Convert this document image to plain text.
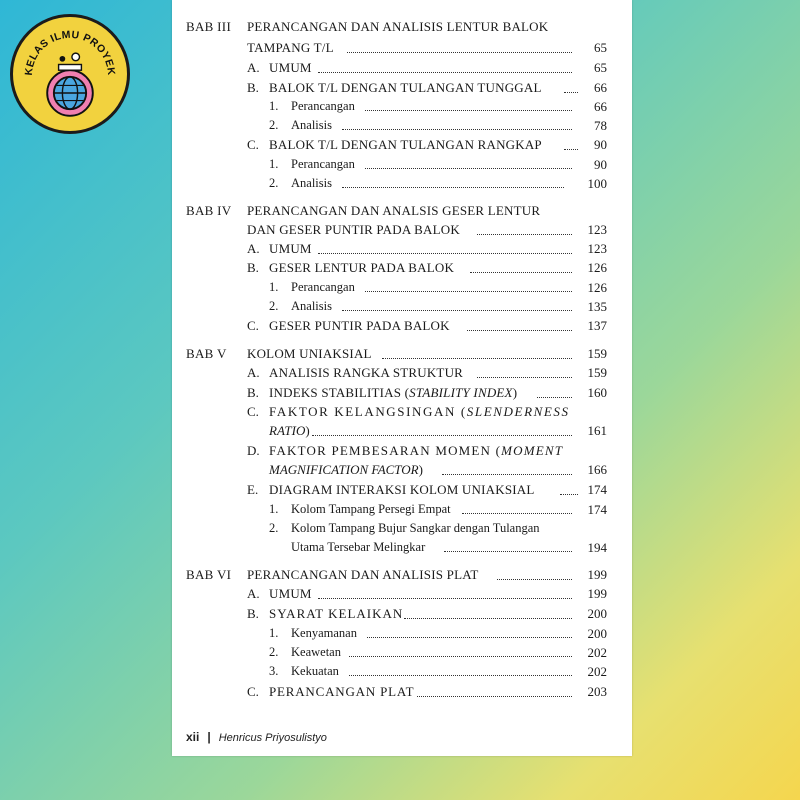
KELAS ILMU PROYEK
BAB III PERANCANGAN DAN ANALISIS LENTUR BALOK
TAMPANG T/L	65
A. UMUM	65
B. BALOK T/L DENGAN TULANGAN TUNGGAL	66
1. Perancangan	66
2. Analisis	78
C. BALOK T/L DENGAN TULANGAN RANGKAP	90
1. Perancangan	90
2. Analisis	100
BAB IV PERANCANGAN DAN ANALSIS GESER LENTUR
DAN GESER PUNTIR PADA BALOK	123
A. UMUM	123
B. GESER LENTUR PADA BALOK	126
1. Perancangan	126
2. Analisis	135
C. GESER PUNTIR PADA BALOK	137
BAB V KOLOM UNIAKSIAL	159
A. ANALISIS RANGKA STRUKTUR	159
B. INDEKS STABILITIAS (STABILITY INDEX)	160
C. FAKTOR KELANGSINGAN (SLENDERNESS
RATIO)	161
D. FAKTOR PEMBESARAN MOMEN (MOMENT
MAGNIFICATION FACTOR)	166
E. DIAGRAM INTERAKSI KOLOM UNIAKSIAL	174
1. Kolom Tampang Persegi Empat	174
2. Kolom Tampang Bujur Sangkar dengan Tulangan
Utama Tersebar Melingkar	194
BAB VI PERANCANGAN DAN ANALISIS PLAT	199
A. UMUM	199
B. SYARAT KELAIKAN	200
1. Kenyamanan	200
2. Keawetan	202
3. Kekuatan	202
C. PERANCANGAN PLAT	203
xii | Henricus Priyosulistyo
